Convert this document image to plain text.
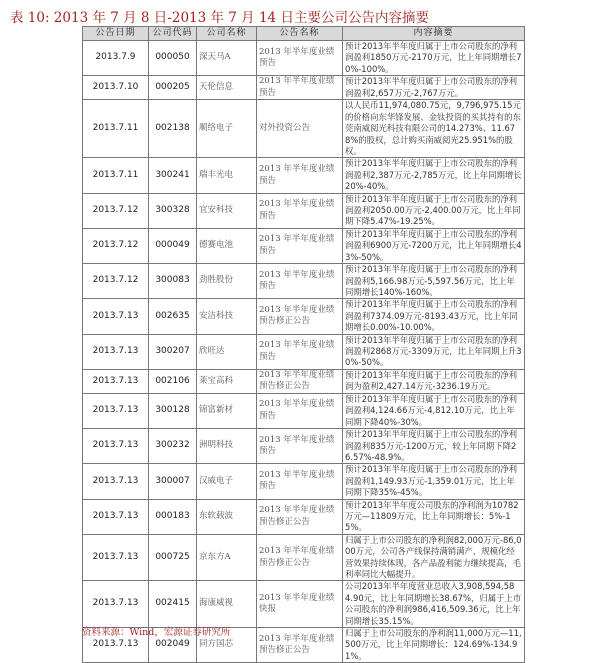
表 10: 2013 年 7 月 8 日-2013 年 7 月 14 日主要公司公告内容摘要
公告日期	公司代码	公司名称	公告名称	内容摘要
2013.7.9	000050	深天马A	2013 年半年度业绩预告	预计2013年半年度归属于上市公司股东的净利润盈利1850万元-2170万元，比上年同期增长70%-100%。
2013.7.10	000205	天伦信息	2013 年半年度业绩预告	预计2013年半年度归属于上市公司股东的净利润盈利2,657万元-2,767万元。
2013.7.11	002138	顺络电子	对外投资公告	以人民币11,974,080.75元，9,796,975.15元的价格向东华锋发展、金钛投资的买其持有的东莞南威阅光科技有限公司的14.273%、11.678%的股权，总计购买南威阅光25.951%的股权。
2013.7.11	300241	瑞丰光电	2013 年半年度业绩预告	预计2013年半年度归属于上市公司股东的净利润盈利2,387万元-2,785万元，比上年同期增长20%-40%。
2013.7.12	300328	宜安科技	2013 年半年度业绩预告	预计2013年半年度归属于上市公司股东的净利润盈利2050.00万元-2,400.00万元，比上年同期下降5.47%-19.25%。
2013.7.12	000049	德赛电池	2013 年半年度业绩预告	预计2013年半年度归属于上市公司股东的净利润盈利6900万元-7200万元，比上年同期增长43%-50%。
2013.7.12	300083	劲胜股份	2013 年半年度业绩预告	预计2013年半年度归属于上市公司股东的净利润盈利5,166.98万元-5,597.56万元，比上年同期增长140%-160%。
2013.7.13	002635	安洁科技	2013 年半年度业绩预告修正公告	预计2013年半年度归属于上市公司股东的净利润盈利7374.09万元-8193.43万元，比上年同期增长0.00%-10.00%。
2013.7.13	300207	欣旺达	2013 年半年度业绩预告	预计2013年半年度归属于上市公司股东的净利润盈利2868万元-3309万元，比上年同期上升30%-50%。
2013.7.13	002106	莱宝高科	2013 年半年度业绩预告修正公告	预计2013年半年度归属于上市公司股东的净利润为盈利2,427.14万元-3236.19万元。
2013.7.13	300128	锦富新材	2013 年半年度业绩预告	预计2013年半年度归属于上市公司股东的净利润盈利4,124.66万元-4,812.10万元，比上年同期下降40%-30%。
2013.7.13	300232	洲明科技	2013 年半年度业绩预告	预计2013年半年度归属于上市公司股东的净利润盈利835万元-1200万元，较上年同期下降26.57%-48.9%。
2013.7.13	300007	汉威电子	2013 年半年度业绩预告	预计2013年半年度归属于上市公司股东的净利润盈利1,149.93万元-1,359.01万元，比上年同期下降35%-45%。
2013.7.13	000183	东软载波	2013 年半年度业绩预告修正公告	预计2013年半年度公司股东的净利润为10782万元—11809万元，比上年同期增长：5%-15%。
2013.7.13	000725	京东方A	2013 年半年度业绩预告修正公告	归属于上市公司股东的净利润82,000万元-86,000万元，公司各产线保持满销满产，规模化经营效果持续体现，各产品盈利能力继续提高，毛利率同比大幅提升。
2013.7.13	002415	海康威视	2013 年半年度业绩快报	公司2013年半年度营业总收入3,908,594,584.90元，比上年同期增长38.67%，归属于上市公司股东的净利润986,416,509.36元，比上年同期增长35.15%。
2013.7.13	002049	同方国芯	2013 年半年度业绩预告修正公告	归属于上市公司股东的净利润11,000万元—11,500万元，比上年同期增长：124.69%-134.91%。
资料来源：Wind，宏源证券研究所
